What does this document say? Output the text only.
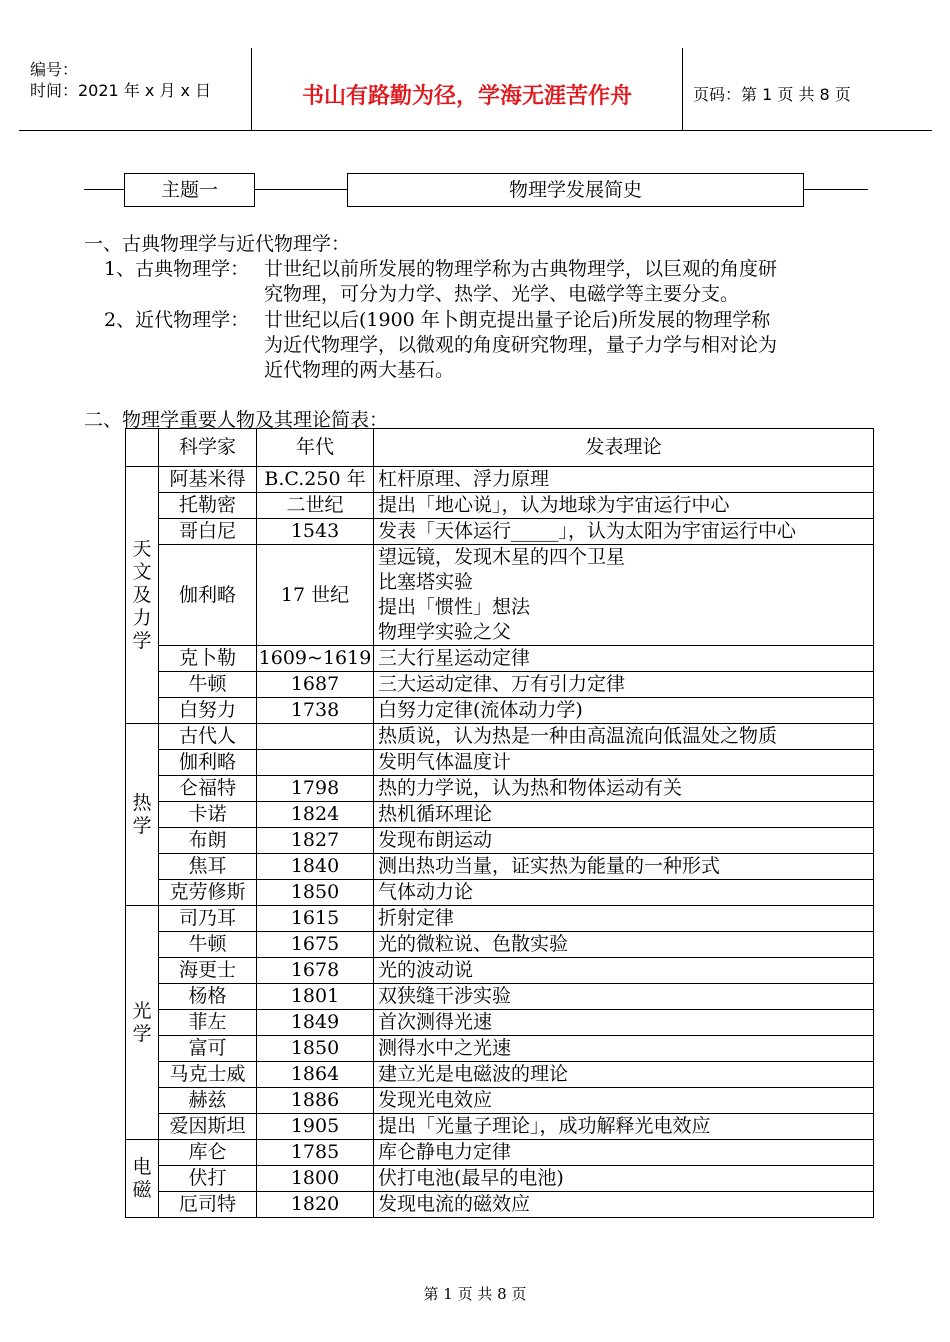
编号：
时间：2021 年 x 月 x 日	书山有路勤为径，学海无涯苦作舟	页码：第 1 页 共 8 页
主题一	物理学发展简史
一、古典物理学与近代物理学：
1、古典物理学： 廿世纪以前所发展的物理学称为古典物理学，以巨观的角度研
究物理，可分为力学、热学、光学、电磁学等主要分支。
2、近代物理学： 廿世纪以后(1900 年卜朗克提出量子论后)所发展的物理学称
为近代物理学，以微观的角度研究物理，量子力学与相对论为
近代物理的两大基石。
二、物理学重要人物及其理论简表：
	科学家	年代	发表理论
天文及力学	阿基米得	B.C.250 年	杠杆原理、浮力原理

	托勒密	二世纪	提出「地心说」，认为地球为宇宙运行中心

	哥白尼	1543	发表「天体运行_____」，认为太阳为宇宙运行中心

	伽利略	17 世纪	望远镜，发现木星的四个卫星
比塞塔实验
提出「惯性」想法
物理学实验之父

	克卜勒	1609~1619	三大行星运动定律

	牛顿	1687	三大运动定律、万有引力定律

	白努力	1738	白努力定律(流体动力学)

热学	古代人		热质说，认为热是一种由高温流向低温处之物质

	伽利略		发明气体温度计

	仑福特	1798	热的力学说，认为热和物体运动有关

	卡诺	1824	热机循环理论

	布朗	1827	发现布朗运动

	焦耳	1840	测出热功当量，证实热为能量的一种形式

	克劳修斯	1850	气体动力论

光学	司乃耳	1615	折射定律

	牛顿	1675	光的微粒说、色散实验

	海更士	1678	光的波动说

	杨格	1801	双狭缝干涉实验

	菲左	1849	首次测得光速

	富可	1850	测得水中之光速

	马克士威	1864	建立光是电磁波的理论

	赫兹	1886	发现光电效应

	爱因斯坦	1905	提出「光量子理论」，成功解释光电效应

电磁	库仑	1785	库仑静电力定律

	伏打	1800	伏打电池(最早的电池)

	厄司特	1820	发现电流的磁效应
第 1 页 共 8 页
